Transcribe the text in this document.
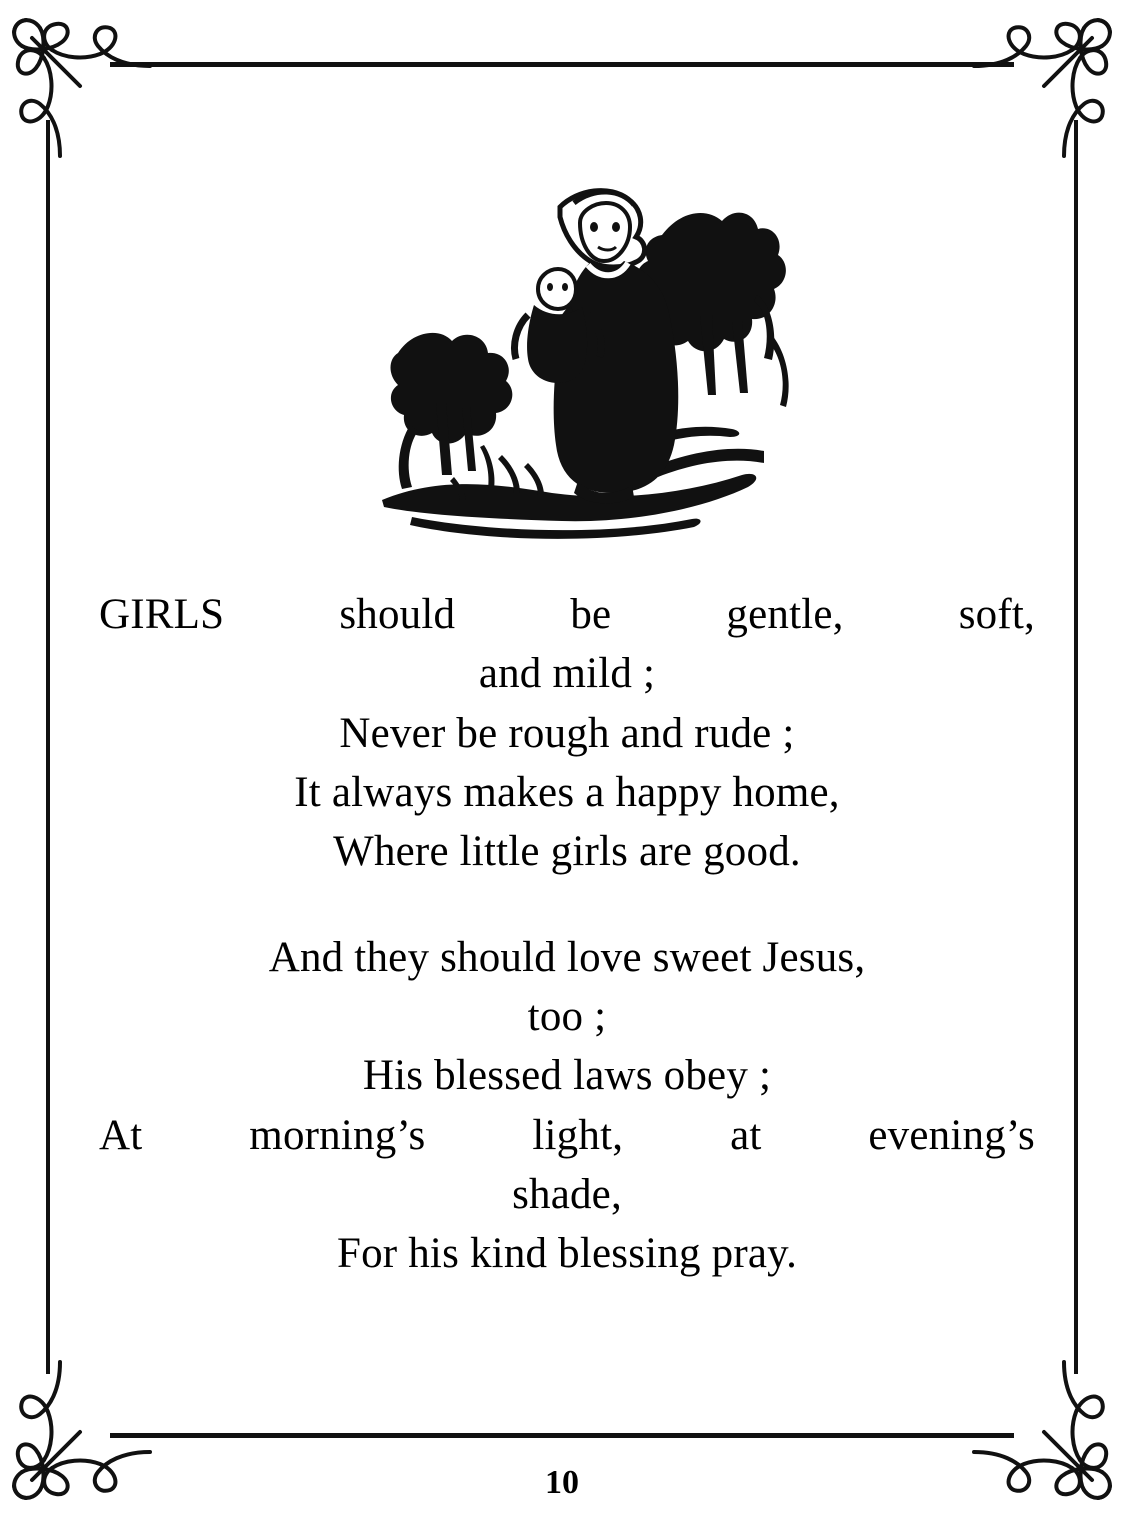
GIRLS should be gentle, soft,
and mild ;
Never be rough and rude ;
It always makes a happy home,
Where little girls are good.
And they should love sweet Jesus,
too ;
His blessed laws obey ;
At morning’s light, at evening’s
shade,
For his kind blessing pray.
10
